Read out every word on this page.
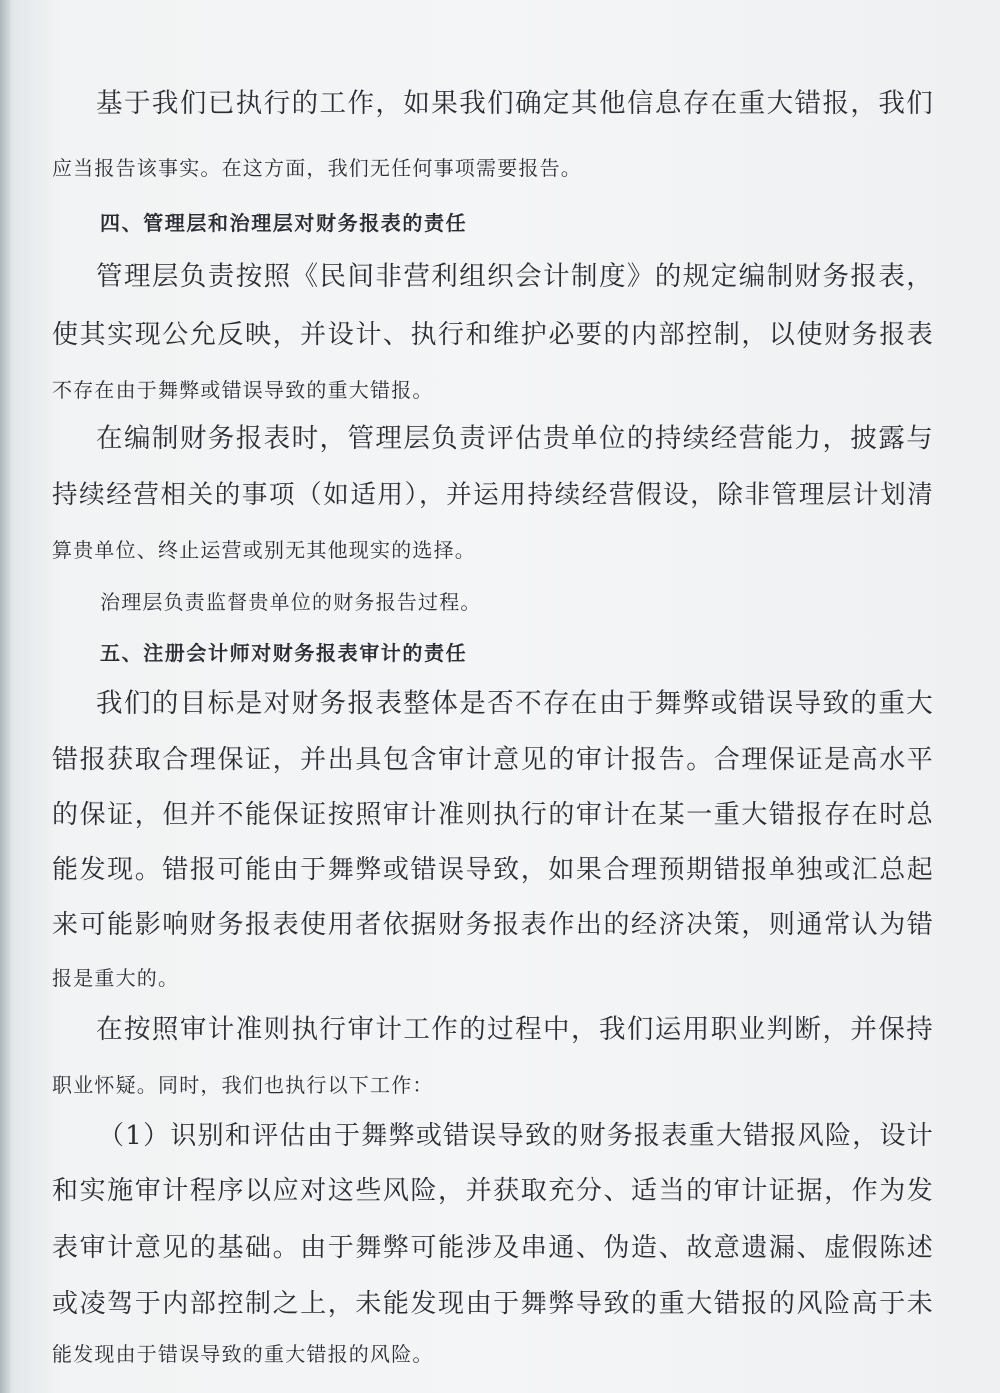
基于我们已执行的工作，如果我们确定其他信息存在重大错报，我们
应当报告该事实。在这方面，我们无任何事项需要报告。
四、管理层和治理层对财务报表的责任
管理层负责按照《民间非营利组织会计制度》的规定编制财务报表，
使其实现公允反映，并设计、执行和维护必要的内部控制，以使财务报表
不存在由于舞弊或错误导致的重大错报。
在编制财务报表时，管理层负责评估贵单位的持续经营能力，披露与
持续经营相关的事项（如适用），并运用持续经营假设，除非管理层计划清
算贵单位、终止运营或别无其他现实的选择。
治理层负责监督贵单位的财务报告过程。
五、注册会计师对财务报表审计的责任
我们的目标是对财务报表整体是否不存在由于舞弊或错误导致的重大
错报获取合理保证，并出具包含审计意见的审计报告。合理保证是高水平
的保证，但并不能保证按照审计准则执行的审计在某一重大错报存在时总
能发现。错报可能由于舞弊或错误导致，如果合理预期错报单独或汇总起
来可能影响财务报表使用者依据财务报表作出的经济决策，则通常认为错
报是重大的。
在按照审计准则执行审计工作的过程中，我们运用职业判断，并保持
职业怀疑。同时，我们也执行以下工作：
（1）识别和评估由于舞弊或错误导致的财务报表重大错报风险，设计
和实施审计程序以应对这些风险，并获取充分、适当的审计证据，作为发
表审计意见的基础。由于舞弊可能涉及串通、伪造、故意遗漏、虚假陈述
或凌驾于内部控制之上，未能发现由于舞弊导致的重大错报的风险高于未
能发现由于错误导致的重大错报的风险。
